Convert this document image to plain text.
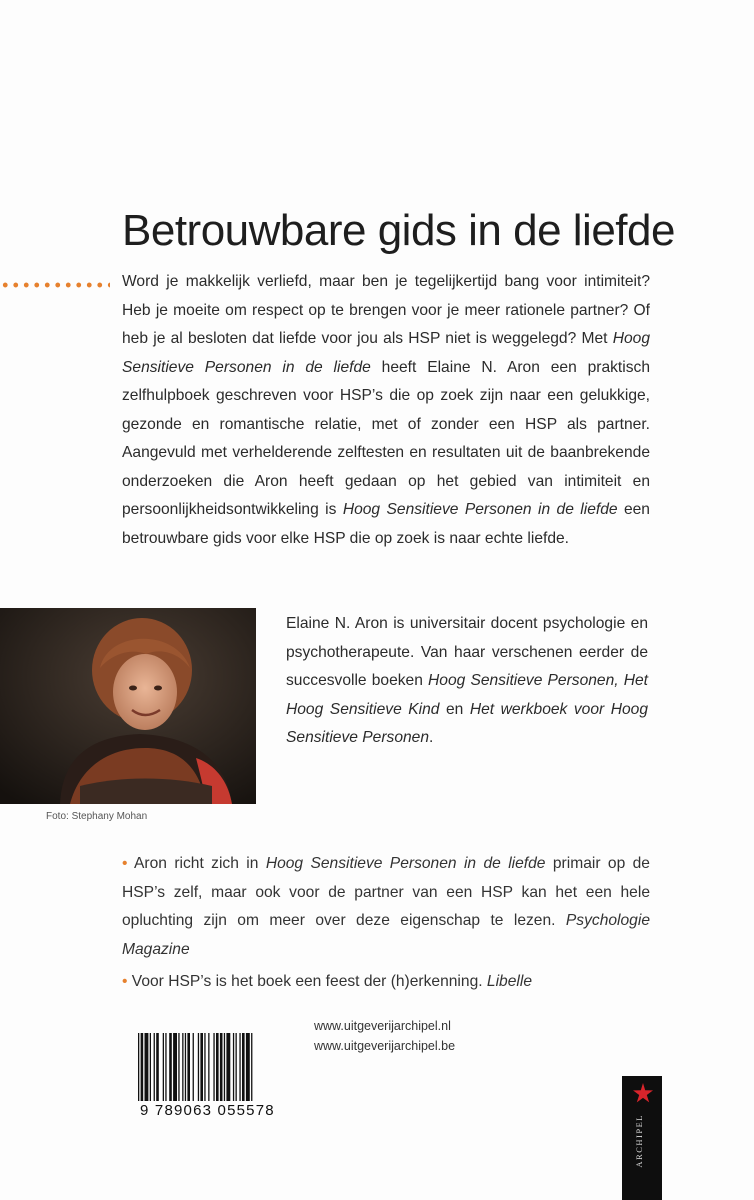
Betrouwbare gids in de liefde

Word je makkelijk verliefd, maar ben je tegelijkertijd bang voor intimiteit? Heb je moeite om respect op te brengen voor je meer rationele partner? Of heb je al besloten dat liefde voor jou als HSP niet is weggelegd? Met Hoog Sensitieve Personen in de liefde heeft Elaine N. Aron een praktisch zelfhulpboek geschreven voor HSP’s die op zoek zijn naar een gelukkige, gezonde en romantische relatie, met of zonder een HSP als partner. Aangevuld met verhelderende zelftesten en resultaten uit de baanbrekende onderzoeken die Aron heeft gedaan op het gebied van intimiteit en persoonlijkheidsontwikkeling is Hoog Sensitieve Personen in de liefde een betrouwbare gids voor elke HSP die op zoek is naar echte liefde.

Foto: Stephany Mohan

Elaine N. Aron is universitair docent psychologie en psychotherapeute. Van haar verschenen eerder de succesvolle boeken Hoog Sensitieve Personen, Het Hoog Sensitieve Kind en Het werkboek voor Hoog Sensitieve Personen.

• Aron richt zich in Hoog Sensitieve Personen in de liefde primair op de HSP’s zelf, maar ook voor de partner van een HSP kan het een hele opluchting zijn om meer over deze eigenschap te lezen. Psychologie Magazine

• Voor HSP’s is het boek een feest der (h)erkenning. Libelle

www.uitgeverijarchipel.nl
www.uitgeverijarchipel.be
9 789063 055578
ARCHIPEL
